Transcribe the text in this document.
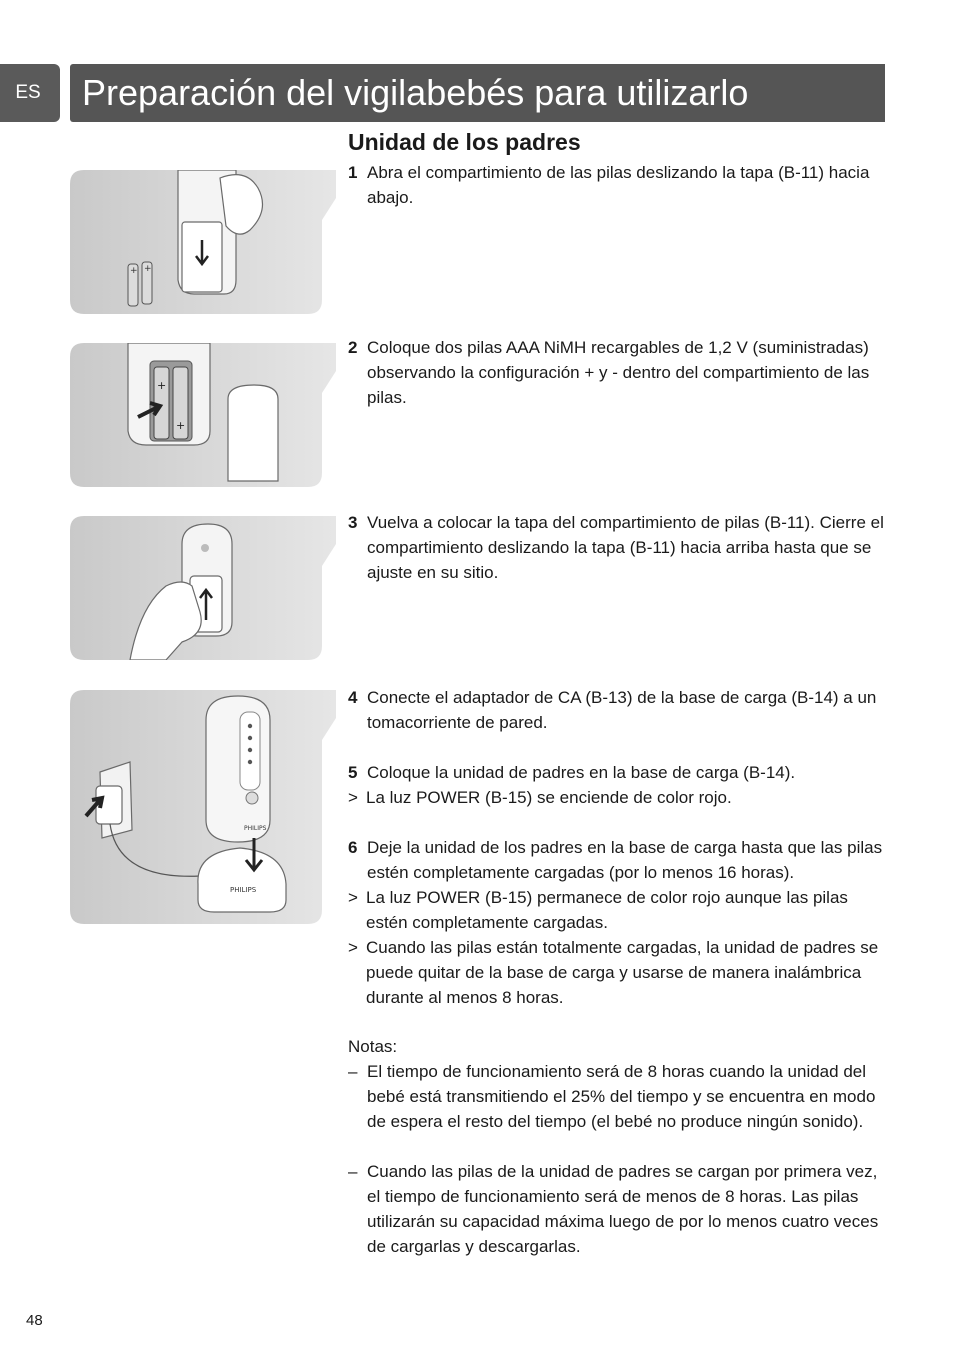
ES	Preparación del vigilabebés para utilizarlo
Unidad de los padres
1 Abra el compartimiento de las pilas deslizando la tapa (B-11) hacia abajo.
2 Coloque dos pilas AAA NiMH recargables de 1,2 V (suministradas) observando la configuración + y - dentro del compartimiento de las pilas.
3 Vuelva a colocar la tapa del compartimiento de pilas (B-11). Cierre el compartimiento deslizando la tapa (B-11) hacia arriba hasta que se ajuste en su sitio.
4 Conecte el adaptador de CA (B-13) de la base de carga (B-14) a un tomacorriente de pared.
5 Coloque la unidad de padres en la base de carga (B-14).
> La luz POWER (B-15) se enciende de color rojo.
6 Deje la unidad de los padres en la base de carga hasta que las pilas estén completamente cargadas (por lo menos 16 horas).
> La luz POWER (B-15) permanece de color rojo aunque las pilas estén completamente cargadas.
> Cuando las pilas están totalmente cargadas, la unidad de padres se puede quitar de la base de carga y usarse de manera inalámbrica durante al menos 8 horas.
Notas:
– El tiempo de funcionamiento será de 8 horas cuando la unidad del bebé está transmitiendo el 25% del tiempo y se encuentra en modo de espera el resto del tiempo (el bebé no produce ningún sonido).
– Cuando las pilas de la unidad de padres se cargan por primera vez, el tiempo de funcionamiento será de menos de 8 horas. Las pilas utilizarán su capacidad máxima luego de por lo menos cuatro veces de cargarlas y descargarlas.
+ +
+
+
PHILIPS
PHILIPS
48
